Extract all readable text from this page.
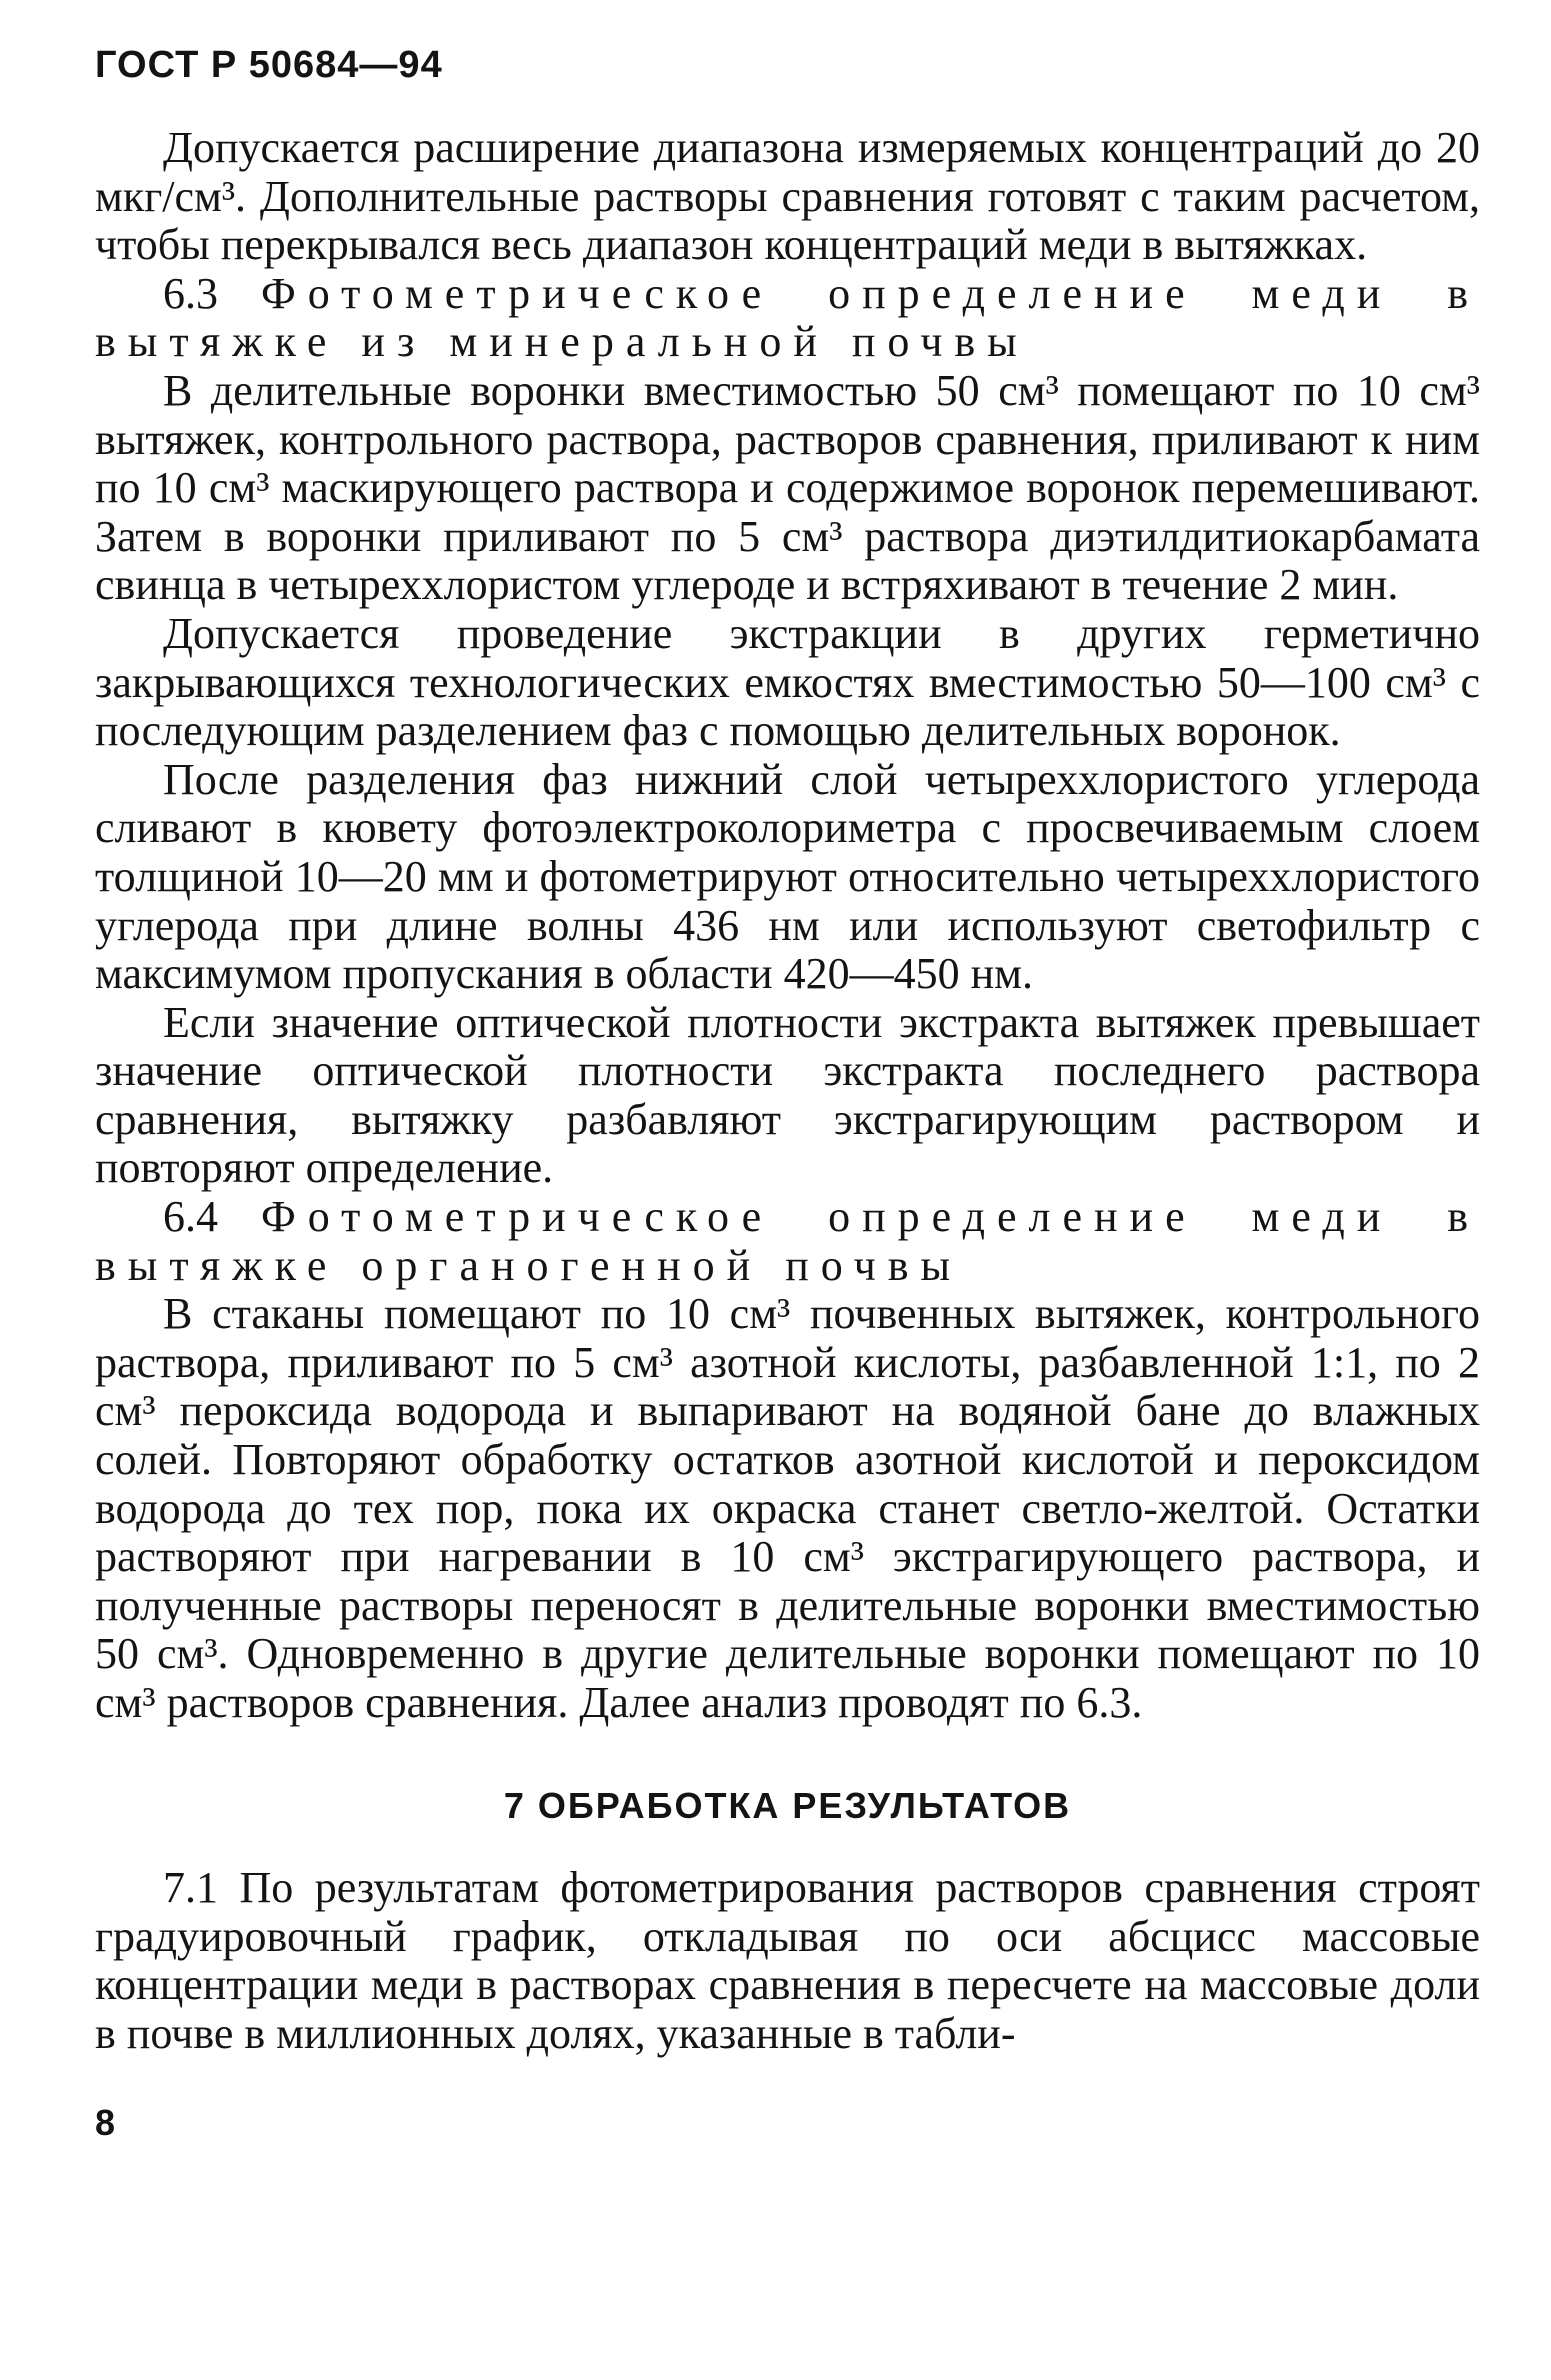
ГОСТ Р 50684—94

Допускается расширение диапазона измеряемых концентраций до 20 мкг/см³. Дополнительные растворы сравнения готовят с таким расчетом, чтобы перекрывался весь диапазон концентраций меди в вытяжках.

6.3 Фотометрическое определение меди в вытяжке из минеральной почвы

В делительные воронки вместимостью 50 см³ помещают по 10 см³ вытяжек, контрольного раствора, растворов сравнения, приливают к ним по 10 см³ маскирующего раствора и содержимое воронок перемешивают. Затем в воронки приливают по 5 см³ раствора диэтилдитиокарбамата свинца в четыреххлористом углероде и встряхивают в течение 2 мин.

Допускается проведение экстракции в других герметично закрывающихся технологических емкостях вместимостью 50—100 см³ с последующим разделением фаз с помощью делительных воронок.

После разделения фаз нижний слой четыреххлористого углерода сливают в кювету фотоэлектроколориметра с просвечиваемым слоем толщиной 10—20 мм и фотометрируют относительно четыреххлористого углерода при длине волны 436 нм или используют светофильтр с максимумом пропускания в области 420—450 нм.

Если значение оптической плотности экстракта вытяжек превышает значение оптической плотности экстракта последнего раствора сравнения, вытяжку разбавляют экстрагирующим раствором и повторяют определение.

6.4 Фотометрическое определение меди в вытяжке органогенной почвы

В стаканы помещают по 10 см³ почвенных вытяжек, контрольного раствора, приливают по 5 см³ азотной кислоты, разбавленной 1:1, по 2 см³ пероксида водорода и выпаривают на водяной бане до влажных солей. Повторяют обработку остатков азотной кислотой и пероксидом водорода до тех пор, пока их окраска станет светло-желтой. Остатки растворяют при нагревании в 10 см³ экстрагирующего раствора, и полученные растворы переносят в делительные воронки вместимостью 50 см³. Одновременно в другие делительные воронки помещают по 10 см³ растворов сравнения. Далее анализ проводят по 6.3.

7 ОБРАБОТКА РЕЗУЛЬТАТОВ

7.1 По результатам фотометрирования растворов сравнения строят градуировочный график, откладывая по оси абсцисс массовые концентрации меди в растворах сравнения в пересчете на массовые доли в почве в миллионных долях, указанные в табли-

8
